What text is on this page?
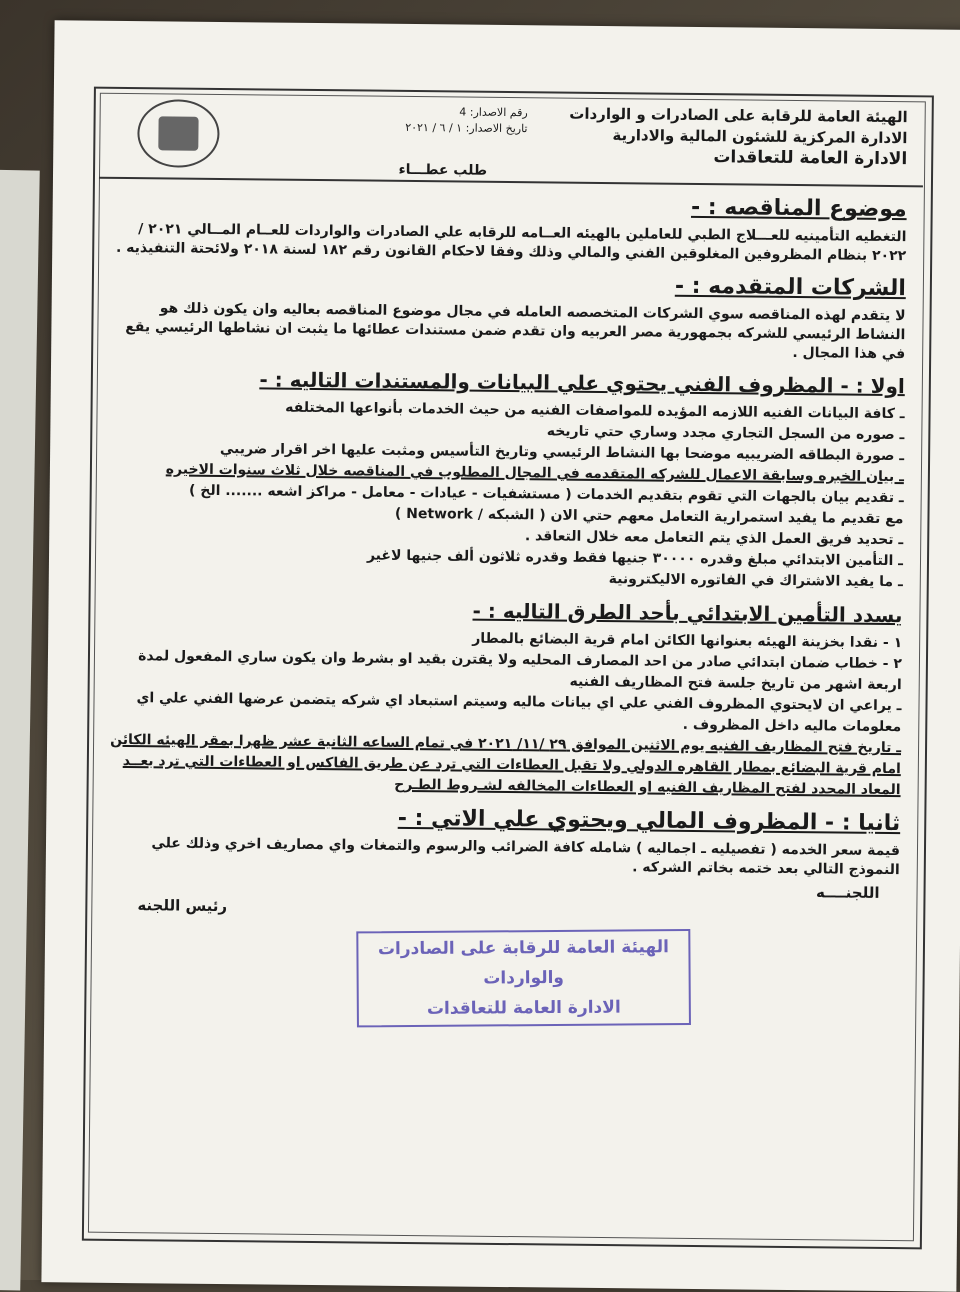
الهيئة العامة للرقابة على الصادرات و الواردات
الادارة المركزية للشئون المالية والادارية
الادارة العامة للتعاقدات
رقم الاصدار: 4
تاريخ الاصدار: ١ / ٦ / ٢٠٢١
طلب عطـــاء
موضوع المناقصه : -

التغطيه التأمينيه للعـــلاج الطبي للعاملين بالهيئه العــامه للرقابه علي الصادرات والواردات للعــام المــالي ٢٠٢١ / ٢٠٢٢ بنظام المظروفين المغلوقين الفني والمالي وذلك وفقا لاحكام القانون رقم ١٨٢ لسنة ٢٠١٨ ولائحتة التنفيذيه .

الشركات المتقدمه : -

لا يتقدم لهذه المناقصه سوي الشركات المتخصصه العامله في مجال موضوع المناقصه بعاليه وان يكون ذلك هو النشاط الرئيسي للشركه بجمهورية مصر العربيه وان تقدم ضمن مستندات عطائها ما يثبت ان نشاطها الرئيسي يقع في هذا المجال .

اولا : - المظروف الفني يحتوي علي البيانات والمستندات التاليه : -
ـ كافة البيانات الفنيه اللازمه المؤيده للمواصفات الفنيه من حيث الخدمات بأنواعها المختلفه
ـ صوره من السجل التجاري مجدد وساري حتي تاريخه
ـ صورة البطاقه الضريبيه موضحا بها النشاط الرئيسي وتاريخ التأسيس ومثبت عليها اخر اقرار ضريبي
ـ بيان الخبره وسابقة الاعمال للشركه المتقدمه في المجال المطلوب في المناقصه خلال ثلاث سنوات الاخيره
ـ تقديم بيان بالجهات التي تقوم بتقديم الخدمات ( مستشفيات - عيادات - معامل - مراكز اشعه ....... الخ )
مع تقديم ما يفيد استمرارية التعامل معهم حتي الان ( الشبكه / Network )
ـ تحديد فريق العمل الذي يتم التعامل معه خلال التعاقد .
ـ التأمين الابتدائي مبلغ وقدره ٣٠٠٠٠ جنيها فقط وقدره ثلاثون ألف جنيها لاغير
ـ ما يفيد الاشتراك في الفاتوره الاليكترونية
يسدد التأمين الابتدائي بأحد الطرق التاليه : -
١ - نقدا بخزينة الهيئه بعنوانها الكائن امام قرية البضائع بالمطار
٢ - خطاب ضمان ابتدائي صادر من احد المصارف المحليه ولا يقترن بقيد او بشرط وان يكون ساري المفعول لمدة اربعة اشهر من تاريخ جلسة فتح المظاريف الفنيه
ـ يراعي ان لايحتوي المظروف الفني علي اي بيانات ماليه وسيتم استبعاد اي شركه يتضمن عرضها الفني علي اي معلومات ماليه داخل المظروف .
ـ تاريخ فتح المظاريف الفنيه يوم الاثنين الموافق ٢٩ /١١/ ٢٠٢١ في تمام الساعه الثانية عشر ظهرا بمقر الهيئه الكائن امام قرية البضائع بمطار القاهره الدولي ولا تقبل العطاءات التي ترد عن طريق الفاكس او العطاءات التي ترد بعــد المعاد المحدد لفتح المظاريف الفنيه او العطاءات المخالفه لشـروط الطـرح
ثانيا : - المظروف المالي ويحتوي علي الاتي : -

قيمة سعر الخدمه ( تفصيليه ـ اجماليه ) شامله كافة الضرائب والرسوم والتمغات واي مصاريف اخري وذلك علي النموذج التالي بعد ختمه بخاتم الشركه .

اللجنــــه
رئيس اللجنه
الهيئة العامة للرقابة على الصادرات والواردات
الادارة العامة للتعاقدات
